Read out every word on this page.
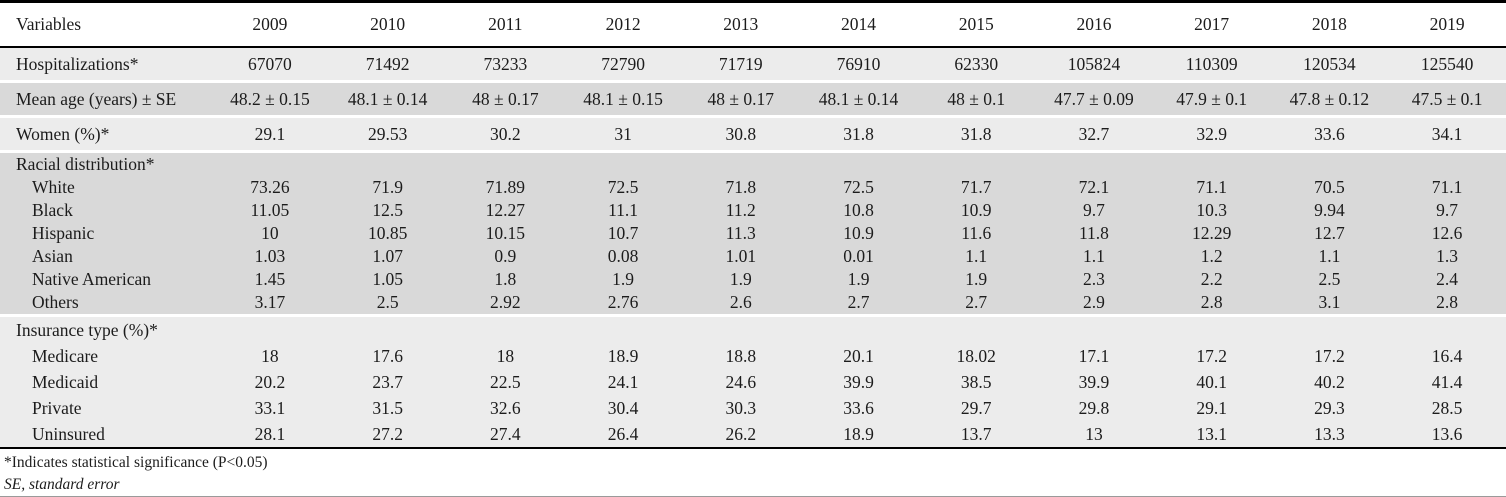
Variables	2009	2010	2011	2012	2013	2014	2015	2016	2017	2018	2019
Hospitalizations*	67070	71492	73233	72790	71719	76910	62330	105824	110309	120534	125540
Mean age (years) ± SE	48.2 ± 0.15	48.1 ± 0.14	48 ± 0.17	48.1 ± 0.15	48 ± 0.17	48.1 ± 0.14	48 ± 0.1	47.7 ± 0.09	47.9 ± 0.1	47.8 ± 0.12	47.5 ± 0.1
Women (%)*	29.1	29.53	30.2	31	30.8	31.8	31.8	32.7	32.9	33.6	34.1
Racial distribution*											
White	73.26	71.9	71.89	72.5	71.8	72.5	71.7	72.1	71.1	70.5	71.1
Black	11.05	12.5	12.27	11.1	11.2	10.8	10.9	9.7	10.3	9.94	9.7
Hispanic	10	10.85	10.15	10.7	11.3	10.9	11.6	11.8	12.29	12.7	12.6
Asian	1.03	1.07	0.9	0.08	1.01	0.01	1.1	1.1	1.2	1.1	1.3
Native American	1.45	1.05	1.8	1.9	1.9	1.9	1.9	2.3	2.2	2.5	2.4
Others	3.17	2.5	2.92	2.76	2.6	2.7	2.7	2.9	2.8	3.1	2.8
Insurance type (%)*											
Medicare	18	17.6	18	18.9	18.8	20.1	18.02	17.1	17.2	17.2	16.4
Medicaid	20.2	23.7	22.5	24.1	24.6	39.9	38.5	39.9	40.1	40.2	41.4
Private	33.1	31.5	32.6	30.4	30.3	33.6	29.7	29.8	29.1	29.3	28.5
Uninsured	28.1	27.2	27.4	26.4	26.2	18.9	13.7	13	13.1	13.3	13.6
*Indicates statistical significance (P<0.05)
SE, standard error
